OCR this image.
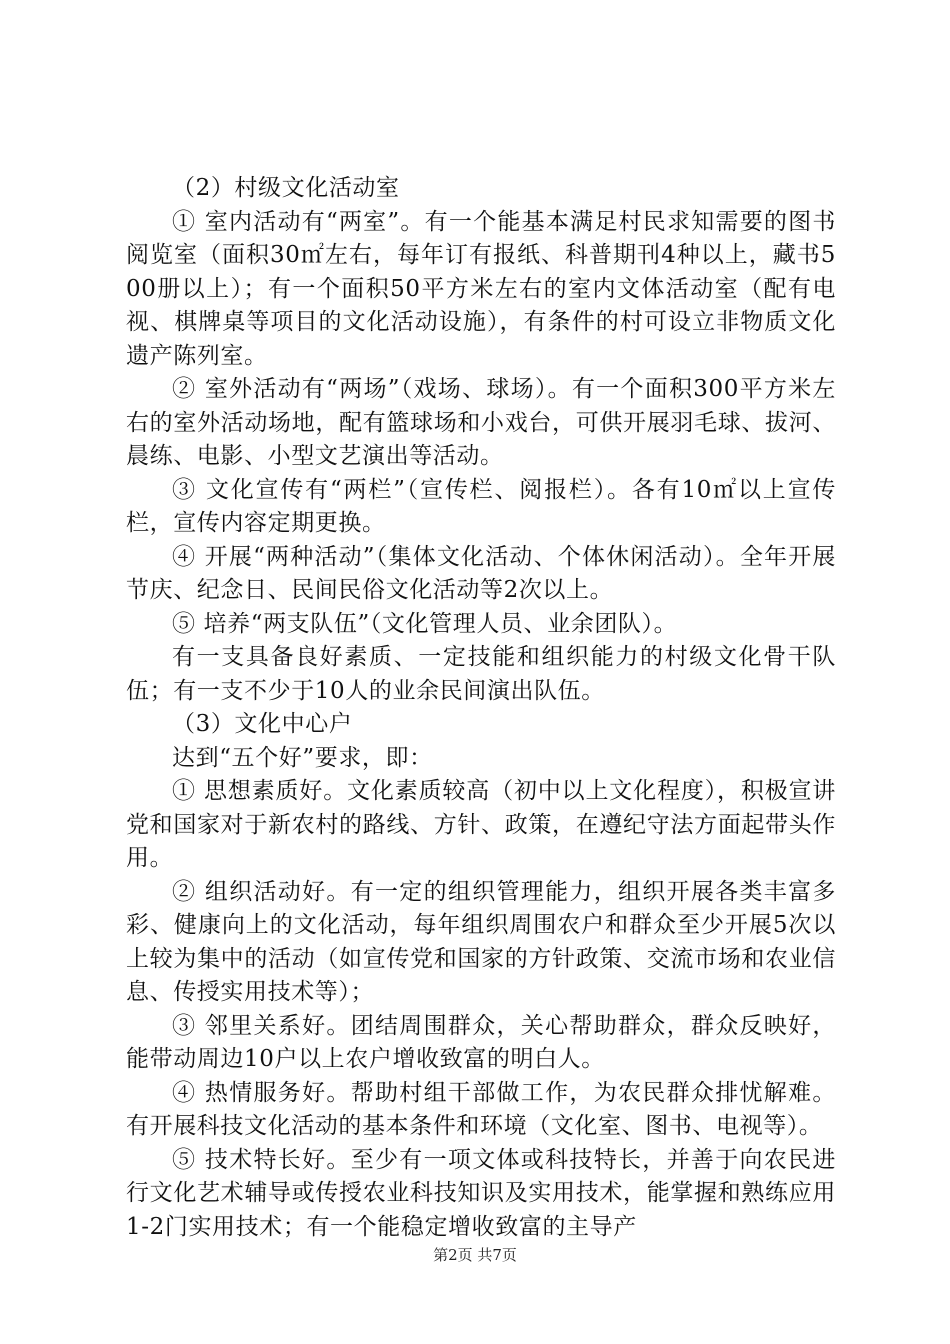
（2）村级文化活动室

① 室内活动有“两室”。有一个能基本满足村民求知需要的图书阅览室（面积30㎡左右，每年订有报纸、科普期刊4种以上，藏书500册以上）；有一个面积50平方米左右的室内文体活动室（配有电视、棋牌桌等项目的文化活动设施），有条件的村可设立非物质文化遗产陈列室。

② 室外活动有“两场”（戏场、球场）。有一个面积300平方米左右的室外活动场地，配有篮球场和小戏台，可供开展羽毛球、拔河、晨练、电影、小型文艺演出等活动。

③ 文化宣传有“两栏”（宣传栏、阅报栏）。各有10㎡以上宣传栏，宣传内容定期更换。

④ 开展“两种活动”（集体文化活动、个体休闲活动）。全年开展节庆、纪念日、民间民俗文化活动等2次以上。

⑤ 培养“两支队伍”（文化管理人员、业余团队）。

有一支具备良好素质、一定技能和组织能力的村级文化骨干队伍；有一支不少于10人的业余民间演出队伍。

（3）文化中心户

达到“五个好”要求，即：

① 思想素质好。文化素质较高（初中以上文化程度），积极宣讲党和国家对于新农村的路线、方针、政策，在遵纪守法方面起带头作用。

② 组织活动好。有一定的组织管理能力，组织开展各类丰富多彩、健康向上的文化活动，每年组织周围农户和群众至少开展5次以上较为集中的活动（如宣传党和国家的方针政策、交流市场和农业信息、传授实用技术等）；

③ 邻里关系好。团结周围群众，关心帮助群众，群众反映好，能带动周边10户以上农户增收致富的明白人。

④ 热情服务好。帮助村组干部做工作，为农民群众排忧解难。有开展科技文化活动的基本条件和环境（文化室、图书、电视等）。

⑤ 技术特长好。至少有一项文体或科技特长，并善于向农民进行文化艺术辅导或传授农业科技知识及实用技术，能掌握和熟练应用1-2门实用技术；有一个能稳定增收致富的主导产

第2页 共7页
